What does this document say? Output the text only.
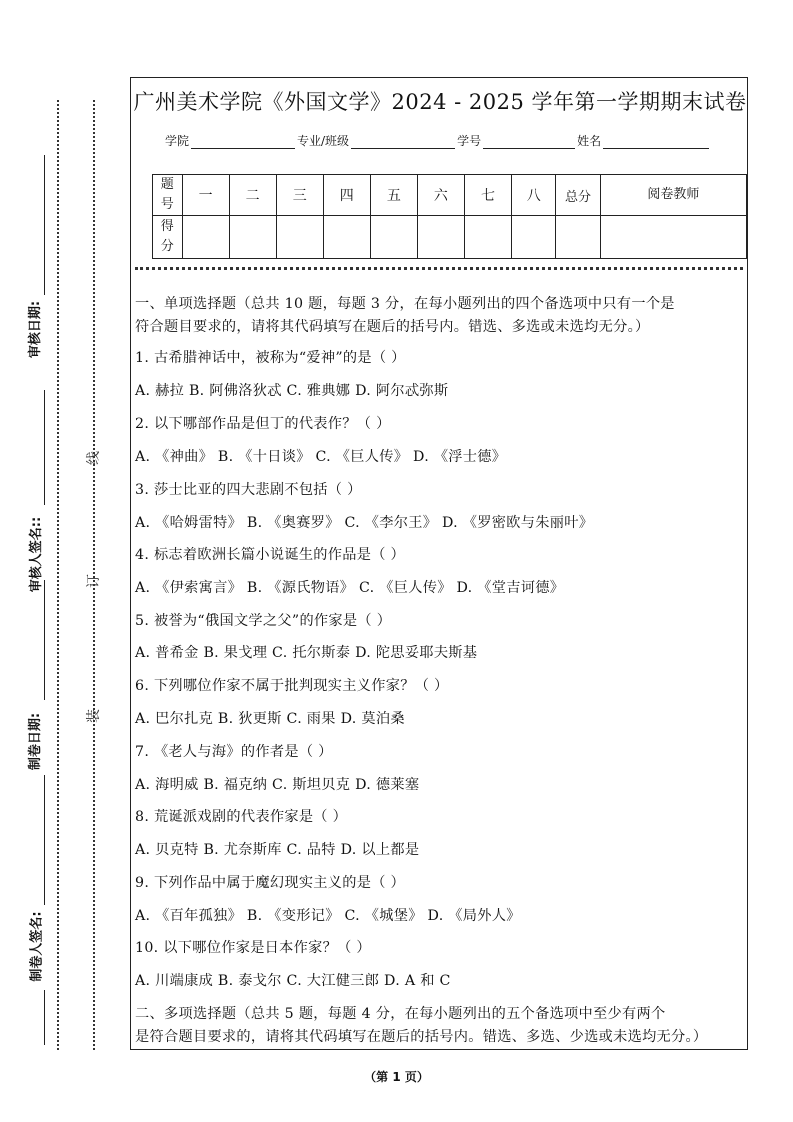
审核日期:
审核人签名::
制卷日期:
制卷人签名:
线
订
装
广州美术学院《外国文学》2024 - 2025 学年第一学期期末试卷
学院	专业/班级	学号	姓名
题号	一	二	三	四	五	六	七	八	总分	阅卷教师
得分										
一、单项选择题（总共 10 题，每题 3 分，在每小题列出的四个备选项中只有一个是
符合题目要求的，请将其代码填写在题后的括号内。错选、多选或未选均无分。）
1. 古希腊神话中，被称为“爱神”的是（ ）
A. 赫拉 B. 阿佛洛狄忒 C. 雅典娜 D. 阿尔忒弥斯
2. 以下哪部作品是但丁的代表作？（ ）
A. 《神曲》 B. 《十日谈》 C. 《巨人传》 D. 《浮士德》
3. 莎士比亚的四大悲剧不包括（ ）
A. 《哈姆雷特》 B. 《奥赛罗》 C. 《李尔王》 D. 《罗密欧与朱丽叶》
4. 标志着欧洲长篇小说诞生的作品是（ ）
A. 《伊索寓言》 B. 《源氏物语》 C. 《巨人传》 D. 《堂吉诃德》
5. 被誉为“俄国文学之父”的作家是（ ）
A. 普希金 B. 果戈理 C. 托尔斯泰 D. 陀思妥耶夫斯基
6. 下列哪位作家不属于批判现实主义作家？（ ）
A. 巴尔扎克 B. 狄更斯 C. 雨果 D. 莫泊桑
7. 《老人与海》的作者是（ ）
A. 海明威 B. 福克纳 C. 斯坦贝克 D. 德莱塞
8. 荒诞派戏剧的代表作家是（ ）
A. 贝克特 B. 尤奈斯库 C. 品特 D. 以上都是
9. 下列作品中属于魔幻现实主义的是（ ）
A. 《百年孤独》 B. 《变形记》 C. 《城堡》 D. 《局外人》
10. 以下哪位作家是日本作家？（ ）
A. 川端康成 B. 泰戈尔 C. 大江健三郎 D. A 和 C
二、多项选择题（总共 5 题，每题 4 分，在每小题列出的五个备选项中至少有两个
是符合题目要求的，请将其代码填写在题后的括号内。错选、多选、少选或未选均无分。）
（第 1 页）
